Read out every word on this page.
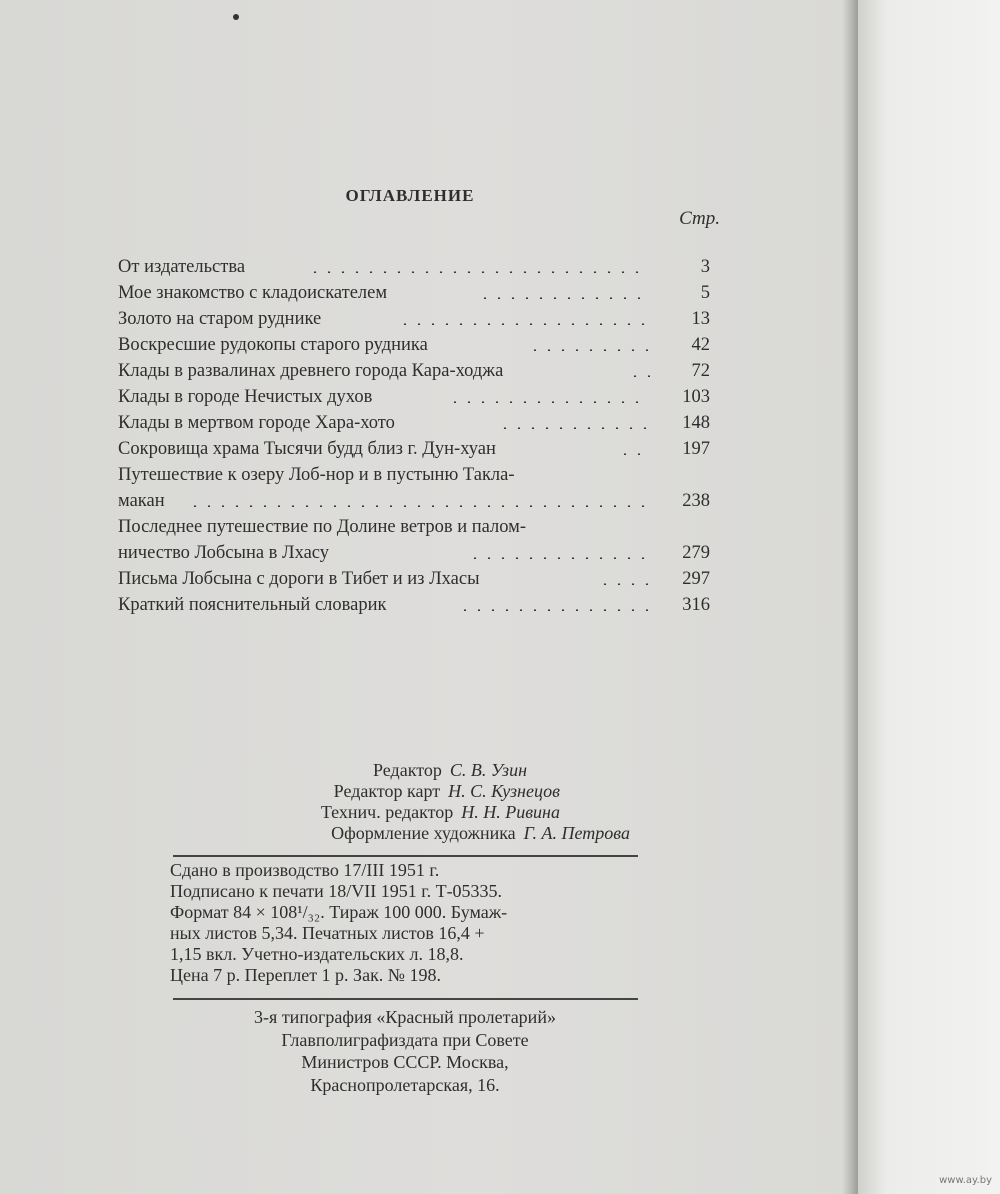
ОГЛАВЛЕНИЕ
Стр.
От издательства	3
Мое знакомство с кладоискателем	5
Золото на старом руднике	13
Воскресшие рудокопы старого рудника	42
Клады в развалинах древнего города Кара-ходжа	72
Клады в городе Нечистых духов	103
Клады в мертвом городе Хара-хото	148
Сокровища храма Тысячи будд близ г. Дун-хуан	197
Путешествие к озеру Лоб-нор и в пустыню Такла-
макан	238
Последнее путешествие по Долине ветров и палом-
ничество Лобсына в Лхасу	279
Письма Лобсына с дороги в Тибет и из Лхасы	297
Краткий пояснительный словарик	316
Редактор С. В. Узин
Редактор карт Н. С. Кузнецов
Технич. редактор Н. Н. Ривина
Оформление художника Г. А. Петрова
Сдано в производство 17/III 1951 г.
Подписано к печати 18/VII 1951 г. Т-05335.
Формат 84 × 108¹/₃₂. Тираж 100 000. Бумаж-
ных листов 5,34. Печатных листов 16,4 +
1,15 вкл. Учетно-издательских л. 18,8.
Цена 7 р. Переплет 1 р. Зак. № 198.
3-я типография «Красный пролетарий»
Главполиграфиздата при Совете
Министров СССР. Москва,
Краснопролетарская, 16.
www.ay.by
